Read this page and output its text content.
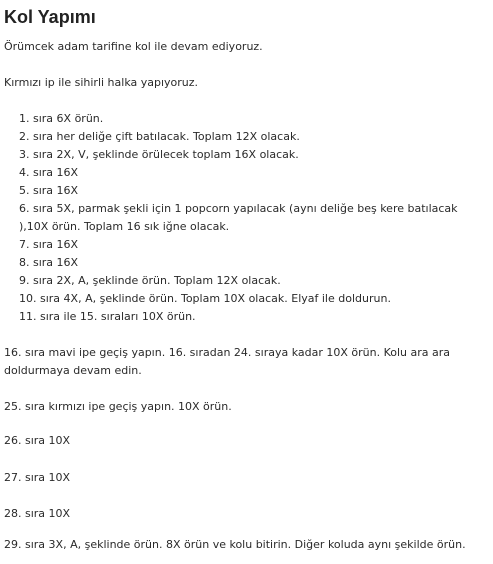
Kol Yapımı

Örümcek adam tarifine kol ile devam ediyoruz.

Kırmızı ip ile sihirli halka yapıyoruz.

1. sıra 6X örün.
2. sıra her deliğe çift batılacak. Toplam 12X olacak.
3. sıra 2X, V, şeklinde örülecek toplam 16X olacak.
4. sıra 16X
5. sıra 16X
6. sıra 5X, parmak şekli için 1 popcorn yapılacak (aynı deliğe beş kere batılacak ),10X örün. Toplam 16 sık iğne olacak.
7. sıra 16X
8. sıra 16X
9. sıra 2X, A, şeklinde örün. Toplam 12X olacak.
10. sıra 4X, A, şeklinde örün. Toplam 10X olacak. Elyaf ile doldurun.
11. sıra ile 15. sıraları 10X örün.

16. sıra mavi ipe geçiş yapın. 16. sıradan 24. sıraya kadar 10X örün. Kolu ara ara doldurmaya devam edin.

25. sıra kırmızı ipe geçiş yapın. 10X örün.

26. sıra 10X

27. sıra 10X

28. sıra 10X

29. sıra 3X, A, şeklinde örün. 8X örün ve kolu bitirin. Diğer koluda aynı şekilde örün.
